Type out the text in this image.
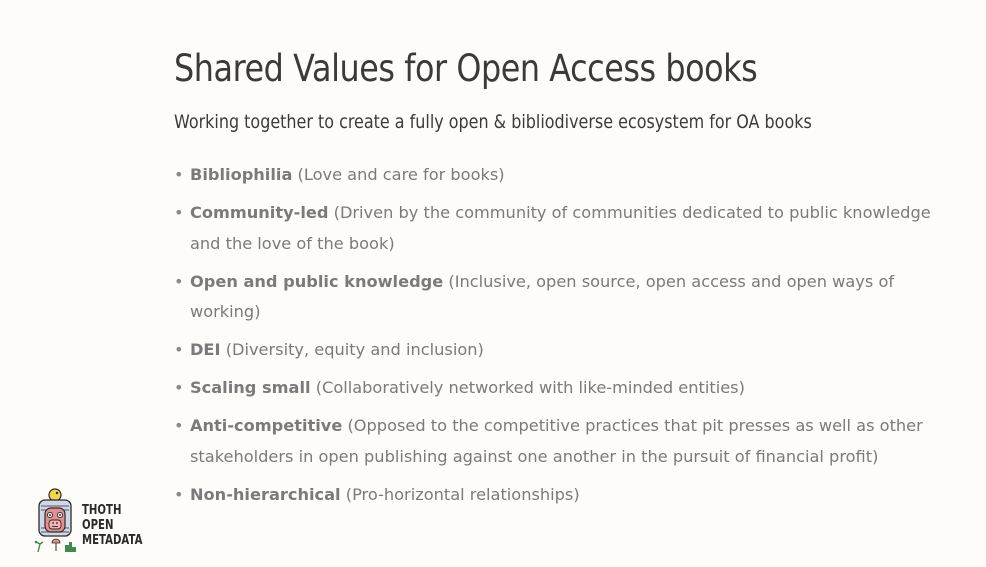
Shared Values for Open Access books

Working together to create a fully open & bibliodiverse ecosystem for OA books

• Bibliophilia (Love and care for books)
• Community-led (Driven by the community of communities dedicated to public knowledge and the love of the book)
• Open and public knowledge (Inclusive, open source, open access and open ways of working)
• DEI (Diversity, equity and inclusion)
• Scaling small (Collaboratively networked with like-minded entities)
• Anti-competitive (Opposed to the competitive practices that pit presses as well as other stakeholders in open publishing against one another in the pursuit of financial profit)
• Non-hierarchical (Pro-horizontal relationships)
THOTH
OPEN
METADATA
